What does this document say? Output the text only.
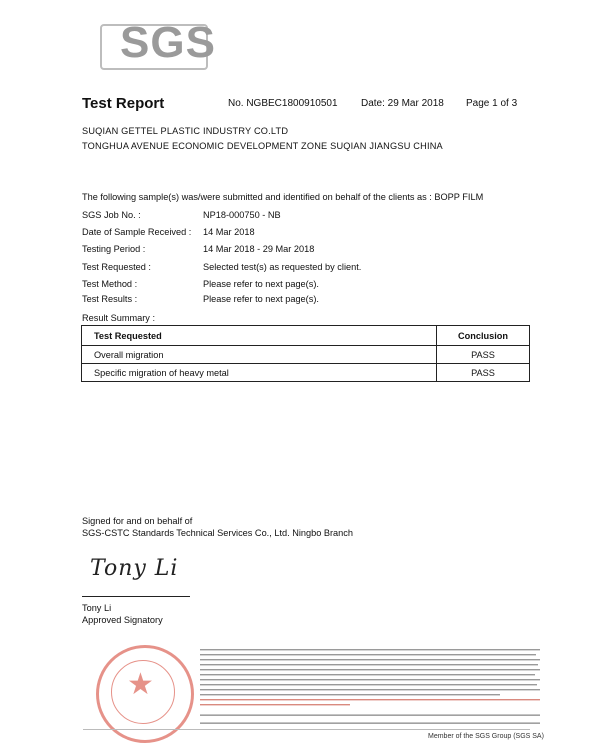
SGS
Test Report	No. NGBEC1800910501 Date: 29 Mar 2018 Page 1 of 3
SUQIAN GETTEL PLASTIC INDUSTRY CO.LTD
TONGHUA AVENUE ECONOMIC DEVELOPMENT ZONE SUQIAN JIANGSU CHINA
The following sample(s) was/were submitted and identified on behalf of the clients as : BOPP FILM
SGS Job No. :	NP18-000750 - NB
Date of Sample Received : 14 Mar 2018
Testing Period :	14 Mar 2018 - 29 Mar 2018
Test Requested :	Selected test(s) as requested by client.
Test Method :	Please refer to next page(s).
Test Results :	Please refer to next page(s).
Result Summary :
Test Requested	Conclusion
Overall migration	PASS
Specific migration of heavy metal	PASS
Signed for and on behalf of
SGS-CSTC Standards Technical Services Co., Ltd. Ningbo Branch
Tony Li
Tony Li
Approved Signatory
★
Member of the SGS Group (SGS SA)
